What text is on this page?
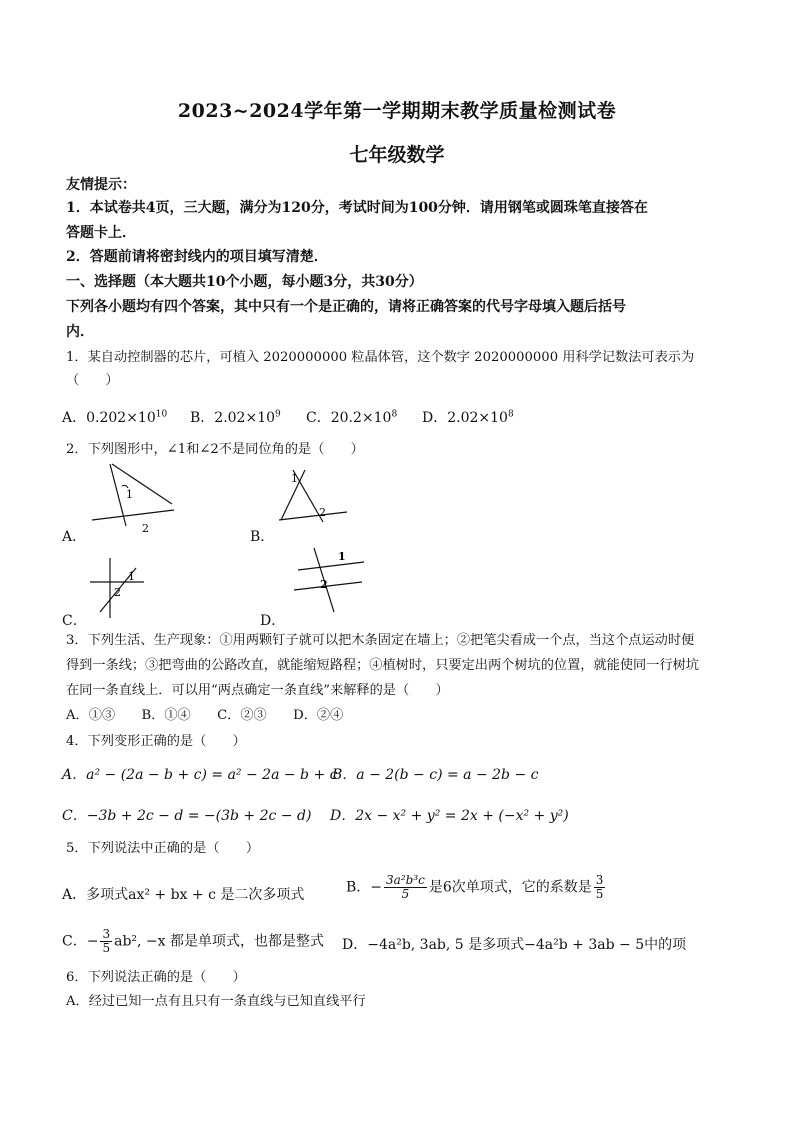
2023~2024学年第一学期期末教学质量检测试卷
七年级数学
友情提示：
1．本试卷共4页，三大题，满分为120分，考试时间为100分钟．请用钢笔或圆珠笔直接答在
答题卡上．
2．答题前请将密封线内的项目填写清楚．
一、选择题（本大题共10个小题，每小题3分，共30分）
下列各小题均有四个答案，其中只有一个是正确的，请将正确答案的代号字母填入题后括号
内．
1．某自动控制器的芯片，可植入 2020000000 粒晶体管，这个数字 2020000000 用科学记数法可表示为
（　　）
A．$0.202\times 10^{10}$ B．$2.02\times 10^9$ C．$20.2\times 10^8$ D．$2.02\times 10^8$
2．下列图形中，∠1和∠2不是同位角的是（　　）
A．
1
2
B．
1
2
C．
1
2
D．
1
2
3．下列生活、生产现象：①用两颗钉子就可以把木条固定在墙上；②把笔尖看成一个点，当这个点运动时便
得到一条线；③把弯曲的公路改直，就能缩短路程；④植树时，只要定出两个树坑的位置，就能使同一行树坑
在同一条直线上．可以用“两点确定一条直线”来解释的是（　　）
A．①③　　B．①④　　C．②③　　D．②④
4．下列变形正确的是（　　）
A．a² − (2a − b + c) = a² − 2a − b + c
B．a − 2(b − c) = a − 2b − c
C．−3b + 2c − d = −(3b + 2c − d) D．2x − x² + y² = 2x + (−x² + y²)
5．下列说法中正确的是（　　）
A．多项式ax² + bx + c 是二次多项式	B．− $\frac{\text{3a²b³c}}{5}$ 是6次单项式，它的系数是 $\frac{3}{5}$
C．− $\frac{3}{5} ab^2$, −x 都是单项式，也都是整式 D．−4a²b, 3ab, 5 是多项式−4a²b + 3ab − 5中的项
6．下列说法正确的是（　　）
A．经过已知一点有且只有一条直线与已知直线平行
